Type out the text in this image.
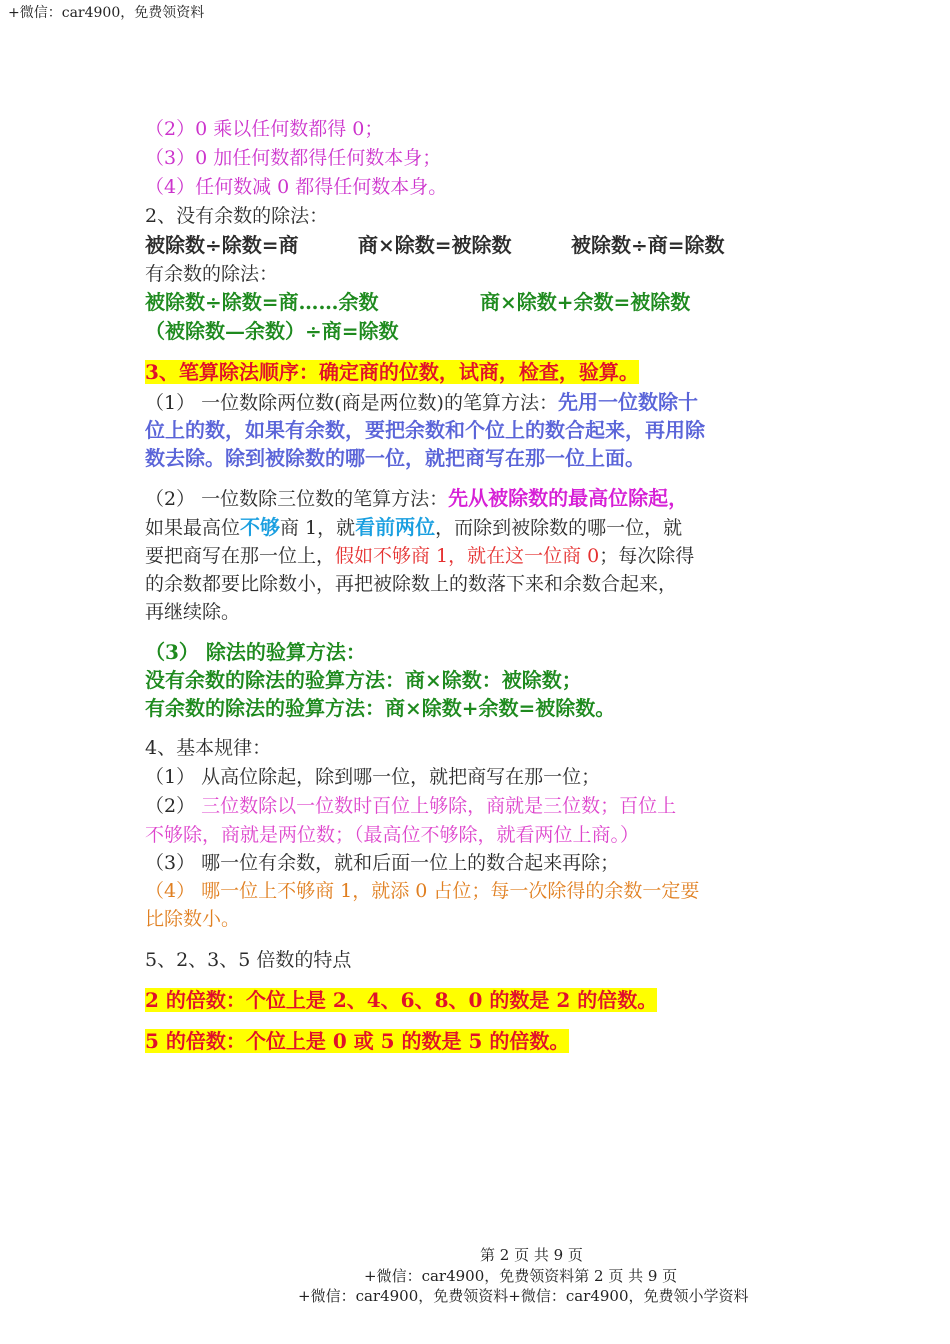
+微信：car4900，免费领资料
（2）0 乘以任何数都得 0；
（3）0 加任何数都得任何数本身；
（4）任何数减 0 都得任何数本身。
2、没有余数的除法：
被除数÷除数=商	商×除数=被除数	被除数÷商=除数
有余数的除法：
被除数÷除数=商……余数	商×除数+余数=被除数
（被除数—余数）÷商=除数
3、笔算除法顺序：确定商的位数，试商，检查，验算。
（1） 一位数除两位数(商是两位数)的笔算方法：先用一位数除十
位上的数，如果有余数，要把余数和个位上的数合起来，再用除
数去除。除到被除数的哪一位，就把商写在那一位上面。
（2） 一位数除三位数的笔算方法：先从被除数的最高位除起，
如果最高位不够商 1，就看前两位，而除到被除数的哪一位，就
要把商写在那一位上，假如不够商 1，就在这一位商 0；每次除得
的余数都要比除数小，再把被除数上的数落下来和余数合起来，
再继续除。
（3） 除法的验算方法：
没有余数的除法的验算方法：商×除数：被除数；
有余数的除法的验算方法：商×除数+余数=被除数。
4、基本规律：
（1） 从高位除起，除到哪一位，就把商写在那一位；
（2） 三位数除以一位数时百位上够除，商就是三位数；百位上
不够除，商就是两位数；（最高位不够除，就看两位上商。）
（3） 哪一位有余数，就和后面一位上的数合起来再除；
（4） 哪一位上不够商 1，就添 0 占位；每一次除得的余数一定要
比除数小。
5、2、3、5 倍数的特点
2 的倍数：个位上是 2、4、6、8、0 的数是 2 的倍数。
5 的倍数：个位上是 0 或 5 的数是 5 的倍数。
第 2 页 共 9 页
+微信：car4900，免费领资料第 2 页 共 9 页
+微信：car4900，免费领资料+微信：car4900，免费领小学资料
